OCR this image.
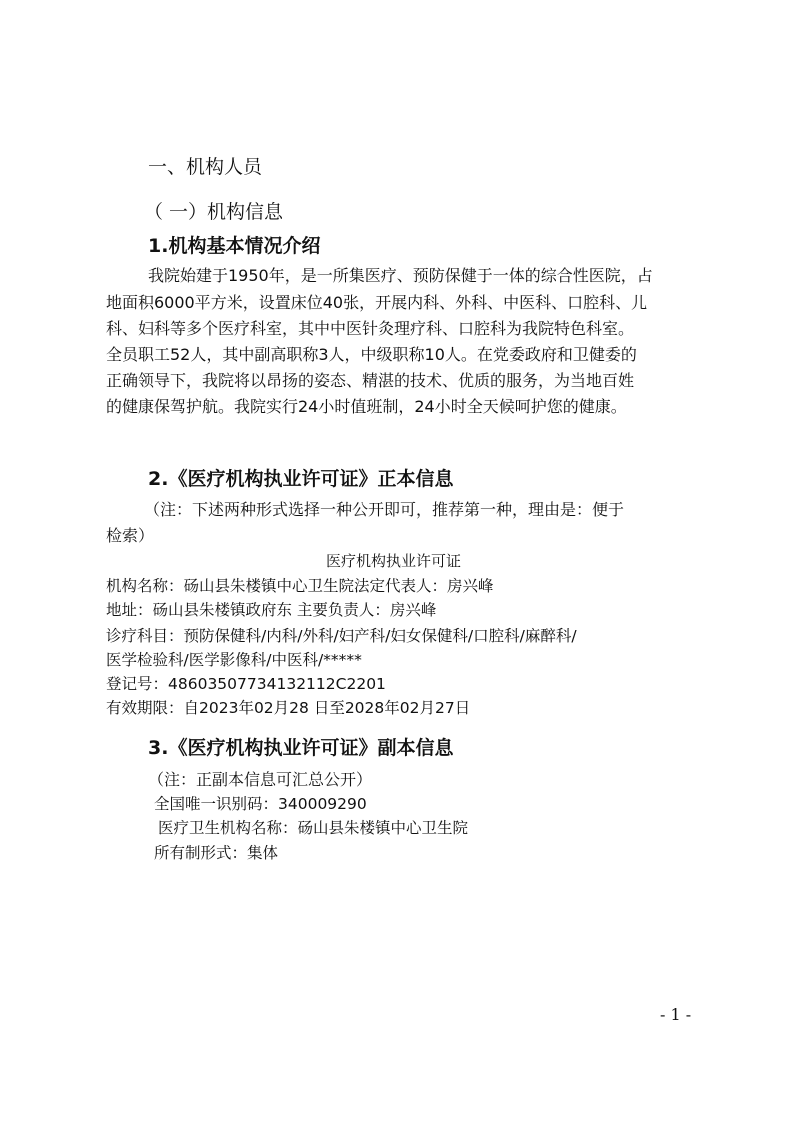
一、机构人员
（ 一）机构信息
1.机构基本情况介绍
我院始建于1950年，是一所集医疗、预防保健于一体的综合性医院，占
地面积6000平方米，设置床位40张，开展内科、外科、中医科、口腔科、儿
科、妇科等多个医疗科室，其中中医针灸理疗科、口腔科为我院特色科室。
全员职工52人，其中副高职称3人，中级职称10人。在党委政府和卫健委的
正确领导下，我院将以昂扬的姿态、精湛的技术、优质的服务，为当地百姓
的健康保驾护航。我院实行24小时值班制，24小时全天候呵护您的健康。
2.《医疗机构执业许可证》正本信息
（注：下述两种形式选择一种公开即可，推荐第一种，理由是：便于
检索）
医疗机构执业许可证
机构名称：砀山县朱楼镇中心卫生院法定代表人：房兴峰
地址：砀山县朱楼镇政府东 主要负责人：房兴峰
诊疗科目：预防保健科/内科/外科/妇产科/妇女保健科/口腔科/麻醉科/
医学检验科/医学影像科/中医科/*****
登记号：48603507734132112C2201
有效期限：自2023年02月28 日至2028年02月27日
3.《医疗机构执业许可证》副本信息
（注：正副本信息可汇总公开）
全国唯一识别码：340009290
医疗卫生机构名称：砀山县朱楼镇中心卫生院
所有制形式：集体
- 1 -
